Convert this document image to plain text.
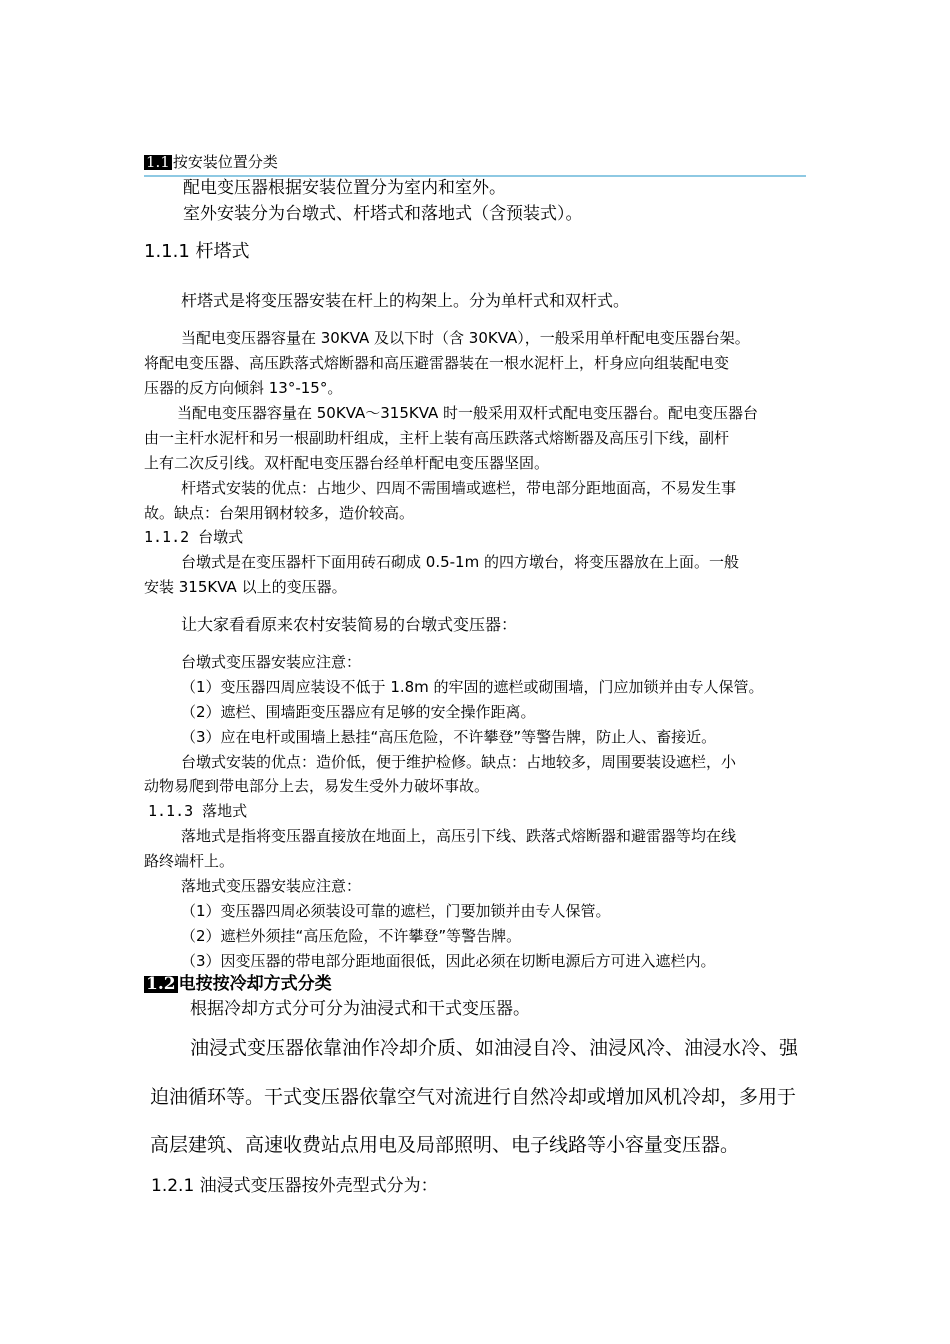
1.1 按安装位置分类
配电变压器根据安装位置分为室内和室外。
室外安装分为台墩式、杆塔式和落地式（含预装式）。
1.1.1 杆塔式
杆塔式是将变压器安装在杆上的构架上。分为单杆式和双杆式。
当配电变压器容量在 30KVA 及以下时（含 30KVA），一般采用单杆配电变压器台架。
将配电变压器、高压跌落式熔断器和高压避雷器装在一根水泥杆上，杆身应向组装配电变
压器的反方向倾斜 13°-15°。
当配电变压器容量在 50KVA～315KVA 时一般采用双杆式配电变压器台。配电变压器台
由一主杆水泥杆和另一根副助杆组成，主杆上装有高压跌落式熔断器及高压引下线，副杆
上有二次反引线。双杆配电变压器台经单杆配电变压器坚固。
杆塔式安装的优点：占地少、四周不需围墙或遮栏，带电部分距地面高，不易发生事
故。缺点：台架用钢材较多，造价较高。
1.1.2 台墩式
台墩式是在变压器杆下面用砖石砌成 0.5-1m 的四方墩台，将变压器放在上面。一般
安装 315KVA 以上的变压器。
让大家看看原来农村安装简易的台墩式变压器：
台墩式变压器安装应注意：
（1）变压器四周应装设不低于 1.8m 的牢固的遮栏或砌围墙，门应加锁并由专人保管。
（2）遮栏、围墙距变压器应有足够的安全操作距离。
（3）应在电杆或围墙上悬挂“高压危险，不许攀登”等警告牌，防止人、畜接近。
台墩式安装的优点：造价低，便于维护检修。缺点：占地较多，周围要装设遮栏，小
动物易爬到带电部分上去，易发生受外力破坏事故。
1.1.3 落地式
落地式是指将变压器直接放在地面上，高压引下线、跌落式熔断器和避雷器等均在线
路终端杆上。
落地式变压器安装应注意：
（1）变压器四周必须装设可靠的遮栏，门要加锁并由专人保管。
（2）遮栏外须挂“高压危险，不许攀登”等警告牌。
（3）因变压器的带电部分距地面很低，因此必须在切断电源后方可进入遮栏内。
1.2 电按按冷却方式分类
根据冷却方式分可分为油浸式和干式变压器。
油浸式变压器依靠油作冷却介质、如油浸自冷、油浸风冷、油浸水冷、强
迫油循环等。干式变压器依靠空气对流进行自然冷却或增加风机冷却，多用于
高层建筑、高速收费站点用电及局部照明、电子线路等小容量变压器。
1.2.1 油浸式变压器按外壳型式分为：
